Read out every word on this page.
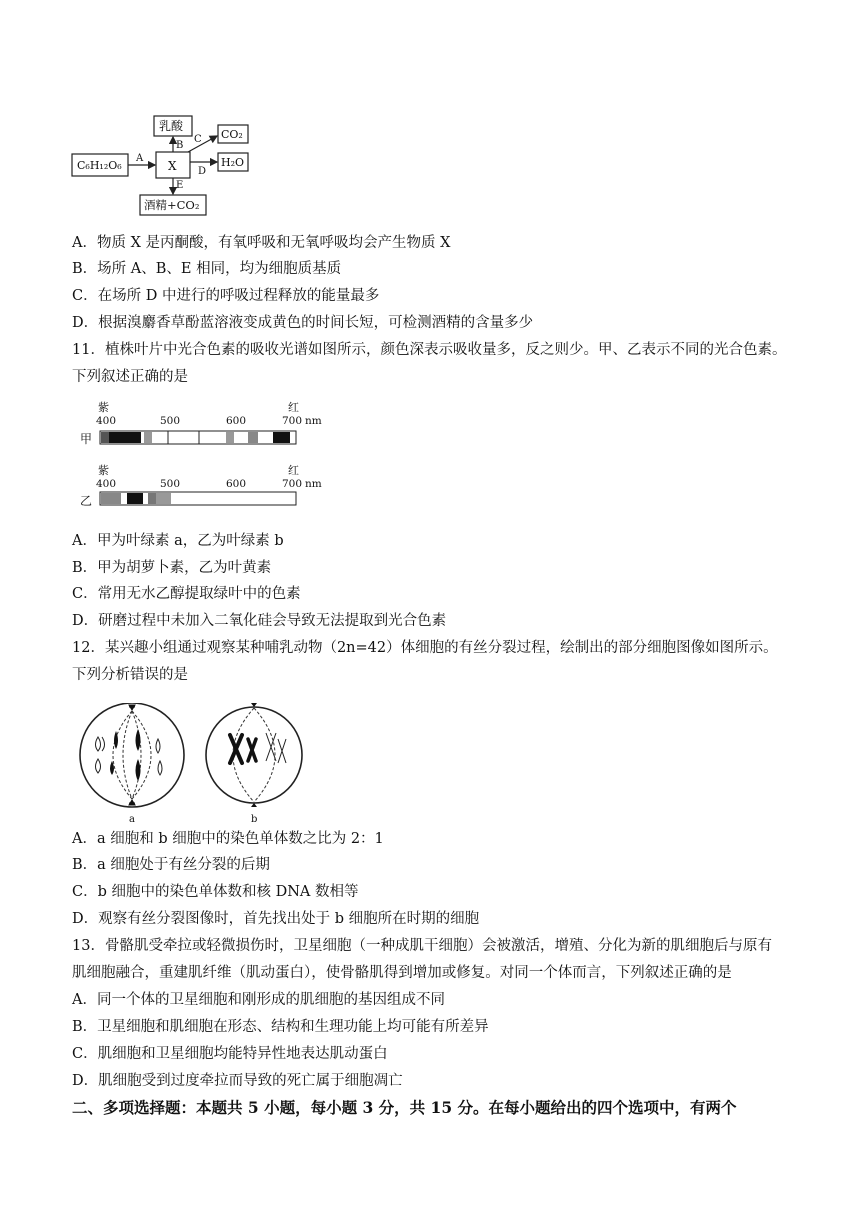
C₆H₁₂O₆	X
乳酸
CO₂
H₂O
酒精+CO₂
A
B
C
D
E
A．物质 X 是丙酮酸，有氧呼吸和无氧呼吸均会产生物质 X
B．场所 A、B、E 相同，均为细胞质基质
C．在场所 D 中进行的呼吸过程释放的能量最多
D．根据溴麝香草酚蓝溶液变成黄色的时间长短，可检测酒精的含量多少
11．植株叶片中光合色素的吸收光谱如图所示，颜色深表示吸收量多，反之则少。甲、乙表示不同的光合色素。
下列叙述正确的是
紫	红
400	500	600	700 nm
甲
紫	红
400	500	600	700 nm
乙
A．甲为叶绿素 a，乙为叶绿素 b
B．甲为胡萝卜素，乙为叶黄素
C．常用无水乙醇提取绿叶中的色素
D．研磨过程中未加入二氧化硅会导致无法提取到光合色素
12．某兴趣小组通过观察某种哺乳动物（2n=42）体细胞的有丝分裂过程，绘制出的部分细胞图像如图所示。
下列分析错误的是
a	b
A．a 细胞和 b 细胞中的染色单体数之比为 2：1
B．a 细胞处于有丝分裂的后期
C．b 细胞中的染色单体数和核 DNA 数相等
D．观察有丝分裂图像时，首先找出处于 b 细胞所在时期的细胞
13．骨骼肌受牵拉或轻微损伤时，卫星细胞（一种成肌干细胞）会被激活，增殖、分化为新的肌细胞后与原有
肌细胞融合，重建肌纤维（肌动蛋白），使骨骼肌得到增加或修复。对同一个体而言，下列叙述正确的是
A．同一个体的卫星细胞和刚形成的肌细胞的基因组成不同
B．卫星细胞和肌细胞在形态、结构和生理功能上均可能有所差异
C．肌细胞和卫星细胞均能特异性地表达肌动蛋白
D．肌细胞受到过度牵拉而导致的死亡属于细胞凋亡
二、多项选择题：本题共 5 小题，每小题 3 分，共 15 分。在每小题给出的四个选项中，有两个
